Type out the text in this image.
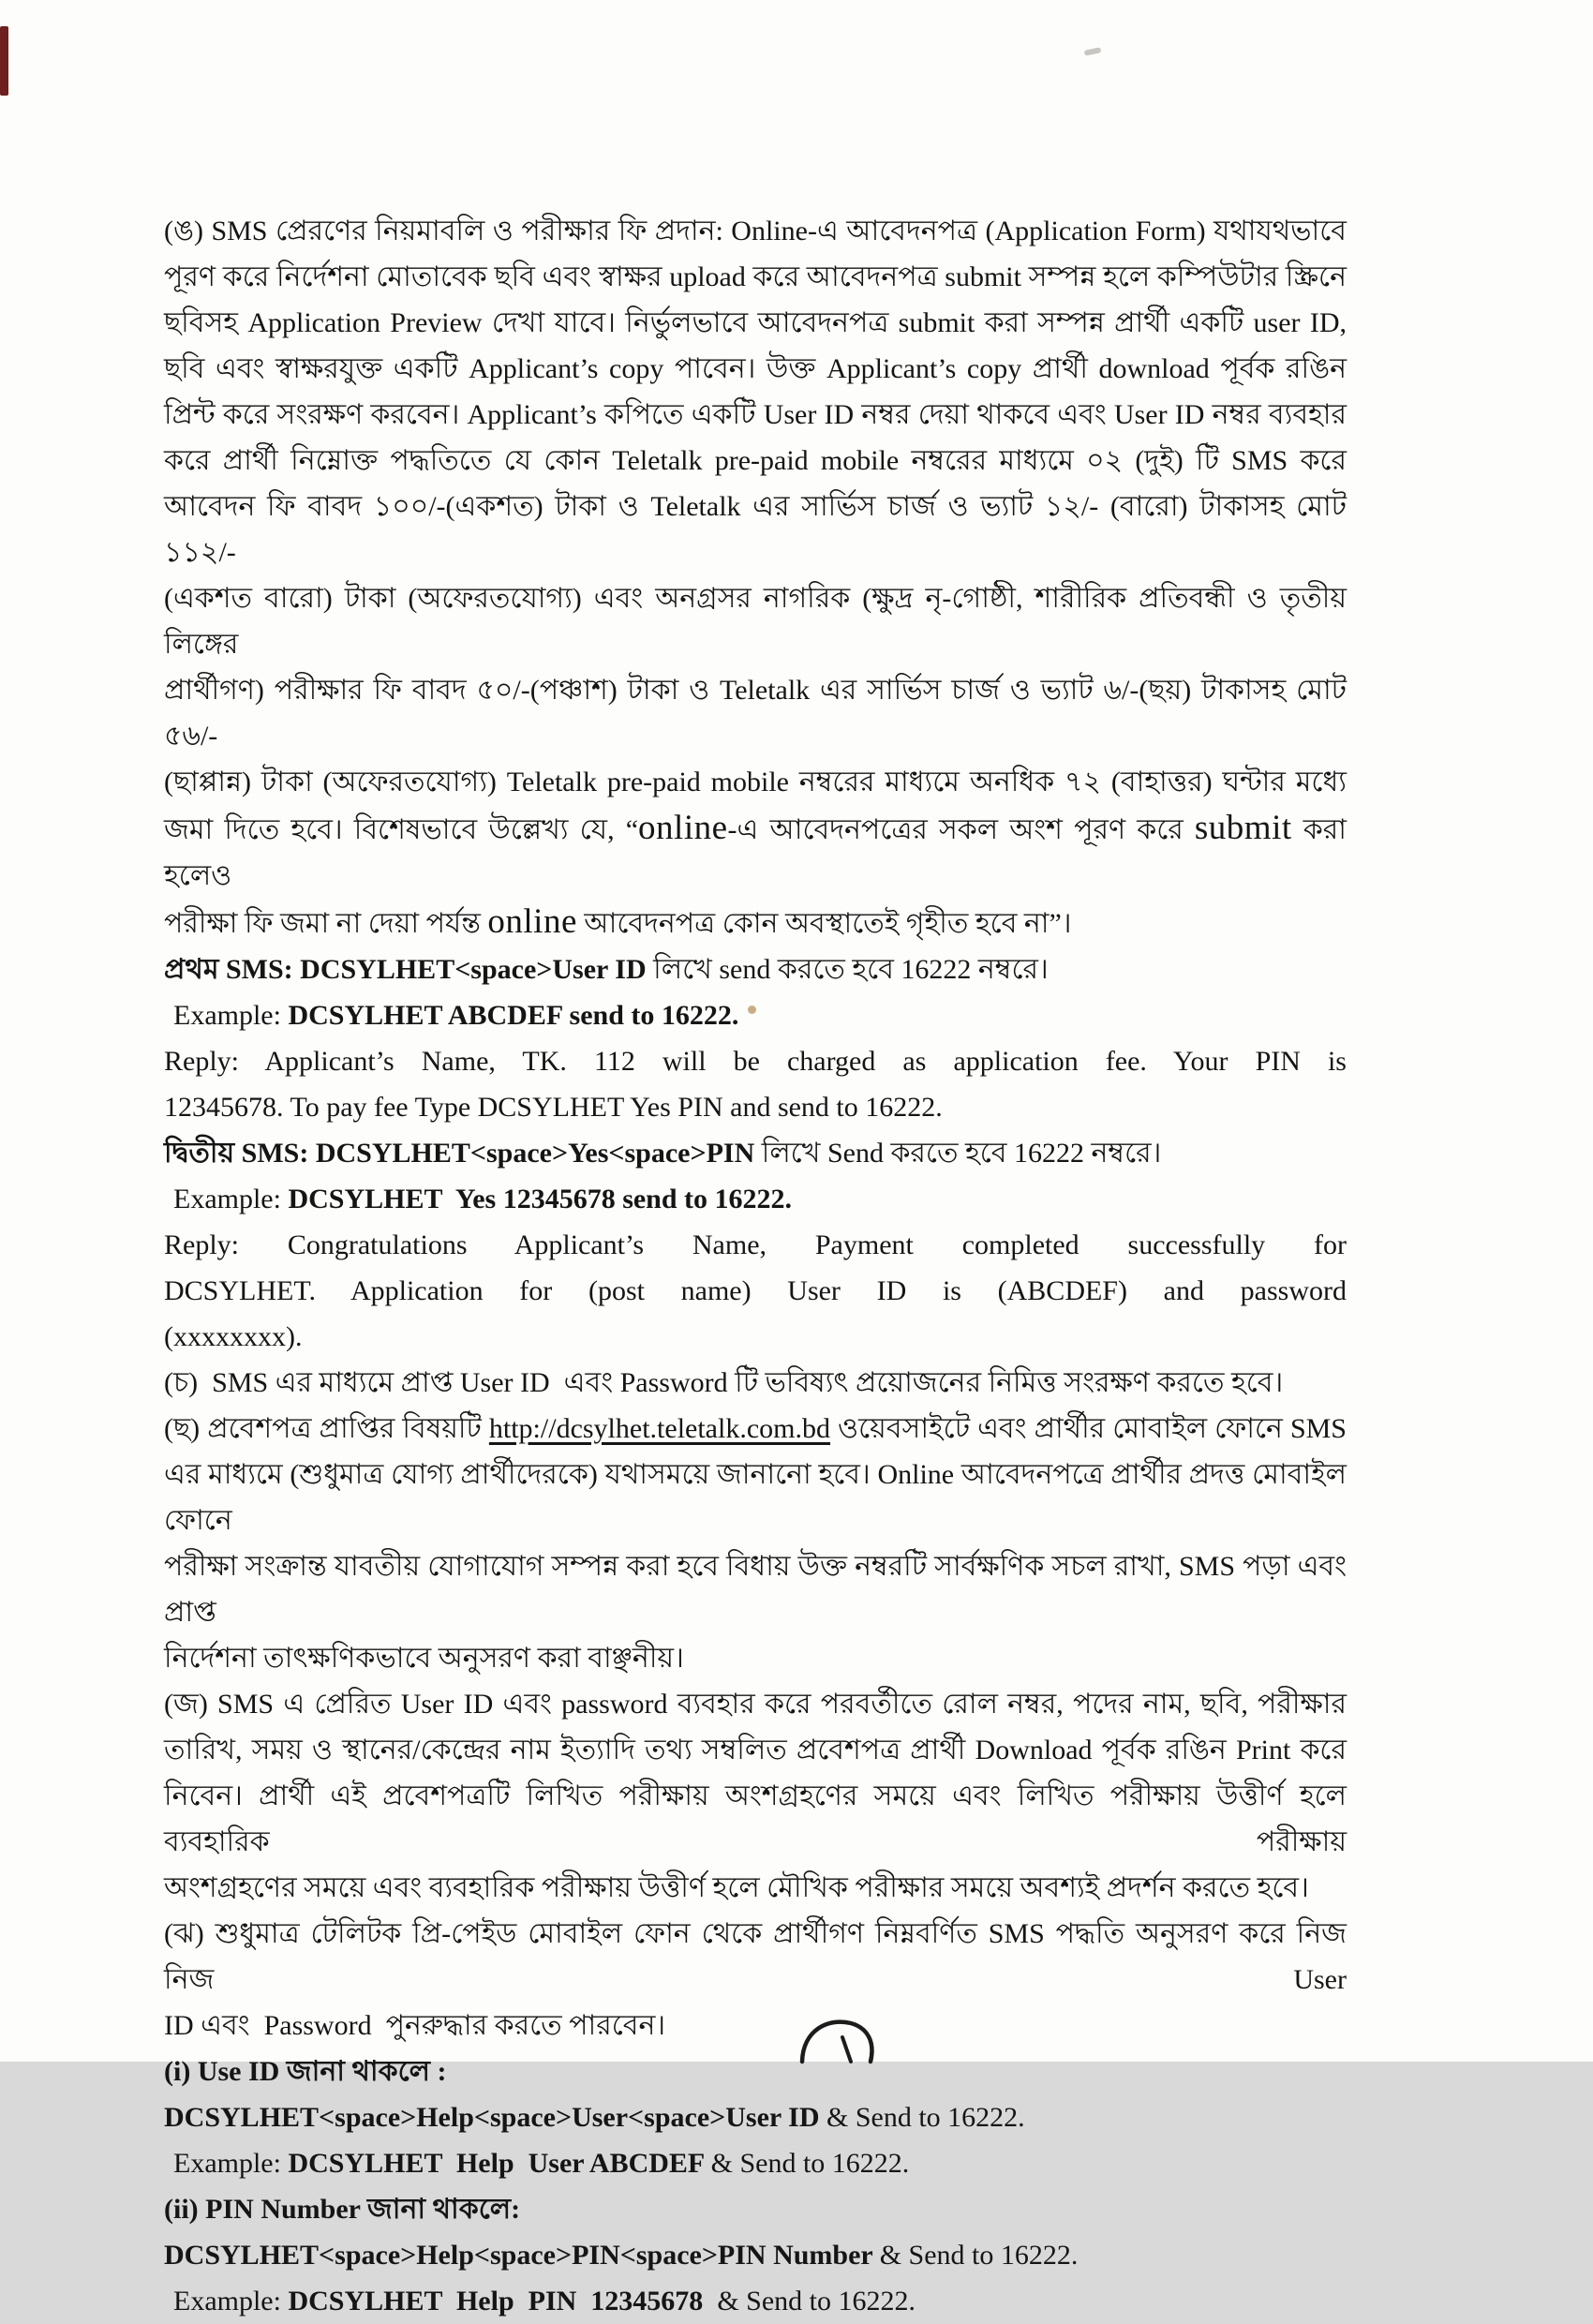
(ঙ) SMS প্রেরণের নিয়মাবলি ও পরীক্ষার ফি প্রদান: Online-এ আবেদনপত্র (Application Form) যথাযথভাবে
পূরণ করে নির্দেশনা মোতাবেক ছবি এবং স্বাক্ষর upload করে আবেদনপত্র submit সম্পন্ন হলে কম্পিউটার স্ক্রিনে
ছবিসহ Application Preview দেখা যাবে। নির্ভুলভাবে আবেদনপত্র submit করা সম্পন্ন প্রার্থী একটি user ID,
ছবি এবং স্বাক্ষরযুক্ত একটি Applicant’s copy পাবেন। উক্ত Applicant’s copy প্রার্থী download পূর্বক রঙিন
প্রিন্ট করে সংরক্ষণ করবেন। Applicant’s কপিতে একটি User ID নম্বর দেয়া থাকবে এবং User ID নম্বর ব্যবহার
করে প্রার্থী নিম্নোক্ত পদ্ধতিতে যে কোন Teletalk pre-paid mobile নম্বরের মাধ্যমে ০২ (দুই) টি SMS করে
আবেদন ফি বাবদ ১০০/-(একশত) টাকা ও Teletalk এর সার্ভিস চার্জ ও ভ্যাট ১২/- (বারো) টাকাসহ মোট ১১২/-
(একশত বারো) টাকা (অফেরতযোগ্য) এবং অনগ্রসর নাগরিক (ক্ষুদ্র নৃ-গোষ্ঠী, শারীরিক প্রতিবন্ধী ও তৃতীয় লিঙ্গের
প্রার্থীগণ) পরীক্ষার ফি বাবদ ৫০/-(পঞ্চাশ) টাকা ও Teletalk এর সার্ভিস চার্জ ও ভ্যাট ৬/-(ছয়) টাকাসহ মোট ৫৬/-
(ছাপ্পান্ন) টাকা (অফেরতযোগ্য) Teletalk pre-paid mobile নম্বরের মাধ্যমে অনধিক ৭২ (বাহাত্তর) ঘন্টার মধ্যে
জমা দিতে হবে। বিশেষভাবে উল্লেখ্য যে, “online-এ আবেদনপত্রের সকল অংশ পূরণ করে submit করা হলেও
পরীক্ষা ফি জমা না দেয়া পর্যন্ত online আবেদনপত্র কোন অবস্থাতেই গৃহীত হবে না”।
প্রথম SMS: DCSYLHET<space>User ID লিখে send করতে হবে 16222 নম্বরে।
Example: DCSYLHET ABCDEF send to 16222.
Reply: Applicant’s Name, TK. 112 will be charged as application fee. Your PIN is
12345678. To pay fee Type DCSYLHET Yes PIN and send to 16222.
দ্বিতীয় SMS: DCSYLHET<space>Yes<space>PIN লিখে Send করতে হবে 16222 নম্বরে।
Example: DCSYLHET  Yes 12345678 send to 16222.
Reply: Congratulations Applicant’s Name, Payment completed successfully for
DCSYLHET. Application for (post name) User ID is (ABCDEF) and password
(xxxxxxxx).
(চ)  SMS এর মাধ্যমে প্রাপ্ত User ID  এবং Password টি ভবিষ্যৎ প্রয়োজনের নিমিত্ত সংরক্ষণ করতে হবে।
(ছ) প্রবেশপত্র প্রাপ্তির বিষয়টি http://dcsylhet.teletalk.com.bd ওয়েবসাইটে এবং প্রার্থীর মোবাইল ফোনে SMS
এর মাধ্যমে (শুধুমাত্র যোগ্য প্রার্থীদেরকে) যথাসময়ে জানানো হবে। Online আবেদনপত্রে প্রার্থীর প্রদত্ত মোবাইল ফোনে
পরীক্ষা সংক্রান্ত যাবতীয় যোগাযোগ সম্পন্ন করা হবে বিধায় উক্ত নম্বরটি সার্বক্ষণিক সচল রাখা, SMS পড়া এবং প্রাপ্ত
নির্দেশনা তাৎক্ষণিকভাবে অনুসরণ করা বাঞ্ছনীয়।
(জ) SMS এ প্রেরিত User ID এবং password ব্যবহার করে পরবর্তীতে রোল নম্বর, পদের নাম, ছবি, পরীক্ষার
তারিখ, সময় ও স্থানের/কেন্দ্রের নাম ইত্যাদি তথ্য সম্বলিত প্রবেশপত্র প্রার্থী Download পূর্বক রঙিন Print করে
নিবেন। প্রার্থী এই প্রবেশপত্রটি লিখিত পরীক্ষায় অংশগ্রহণের সময়ে এবং লিখিত পরীক্ষায় উত্তীর্ণ হলে ব্যবহারিক পরীক্ষায়
অংশগ্রহণের সময়ে এবং ব্যবহারিক পরীক্ষায় উত্তীর্ণ হলে মৌখিক পরীক্ষার সময়ে অবশ্যই প্রদর্শন করতে হবে।
(ঝ) শুধুমাত্র টেলিটক প্রি-পেইড মোবাইল ফোন থেকে প্রার্থীগণ নিম্নবর্ণিত SMS পদ্ধতি অনুসরণ করে নিজ নিজ User
ID এবং  Password  পুনরুদ্ধার করতে পারবেন।
(i) Use ID জানা থাকলে :
DCSYLHET<space>Help<space>User<space>User ID & Send to 16222.
Example: DCSYLHET  Help  User ABCDEF & Send to 16222.
(ii) PIN Number জানা থাকলে:
DCSYLHET<space>Help<space>PIN<space>PIN Number & Send to 16222.
Example: DCSYLHET  Help  PIN  12345678  & Send to 16222.
